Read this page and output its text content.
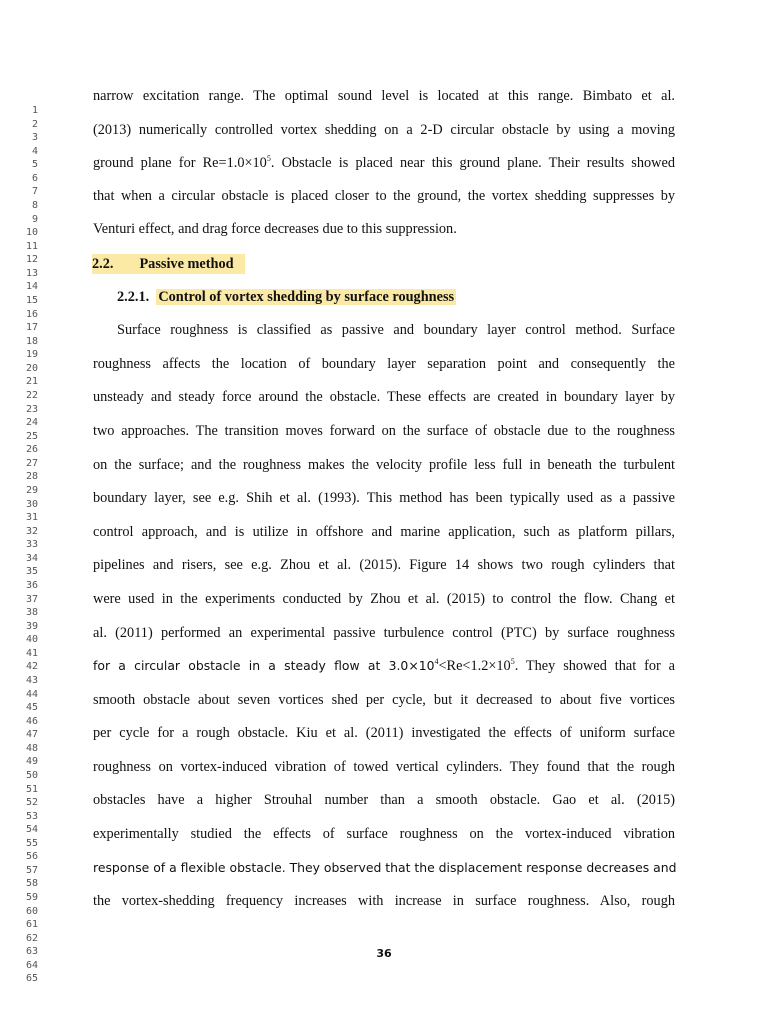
1
2
3
4
5
6
7
8
9
10
11
12
13
14
15
16
17
18
19
20
21
22
23
24
25
26
27
28
29
30
31
32
33
34
35
36
37
38
39
40
41
42
43
44
45
46
47
48
49
50
51
52
53
54
55
56
57
58
59
60
61
62
63
64
65
narrow excitation range. The optimal sound level is located at this range. Bimbato et al.
(2013) numerically controlled vortex shedding on a 2-D circular obstacle by using a moving
ground plane for $Re=1.0\times 10^5$. Obstacle is placed near this ground plane. Their results showed
that when a circular obstacle is placed closer to the ground, the vortex shedding suppresses by
Venturi effect, and drag force decreases due to this suppression.
2.2. Passive method
2.2.1. Control of vortex shedding by surface roughness
Surface roughness is classified as passive and boundary layer control method. Surface
roughness affects the location of boundary layer separation point and consequently the
unsteady and steady force around the obstacle. These effects are created in boundary layer by
two approaches. The transition moves forward on the surface of obstacle due to the roughness
on the surface; and the roughness makes the velocity profile less full in beneath the turbulent
boundary layer, see e.g. Shih et al. (1993). This method has been typically used as a passive
control approach, and is utilize in offshore and marine application, such as platform pillars,
pipelines and risers, see e.g. Zhou et al. (2015). Figure 14 shows two rough cylinders that
were used in the experiments conducted by Zhou et al. (2015) to control the flow. Chang et
al. (2011) performed an experimental passive turbulence control (PTC) by surface roughness
for a circular obstacle in a steady flow at $3.0\times 10^4<Re<1.2\times 10^5$. They showed that for a
smooth obstacle about seven vortices shed per cycle, but it decreased to about five vortices
per cycle for a rough obstacle. Kiu et al. (2011) investigated the effects of uniform surface
roughness on vortex-induced vibration of towed vertical cylinders. They found that the rough
obstacles have a higher Strouhal number than a smooth obstacle. Gao et al. (2015)
experimentally studied the effects of surface roughness on the vortex-induced vibration
response of a flexible obstacle. They observed that the displacement response decreases and
the vortex-shedding frequency increases with increase in surface roughness. Also, rough
36
